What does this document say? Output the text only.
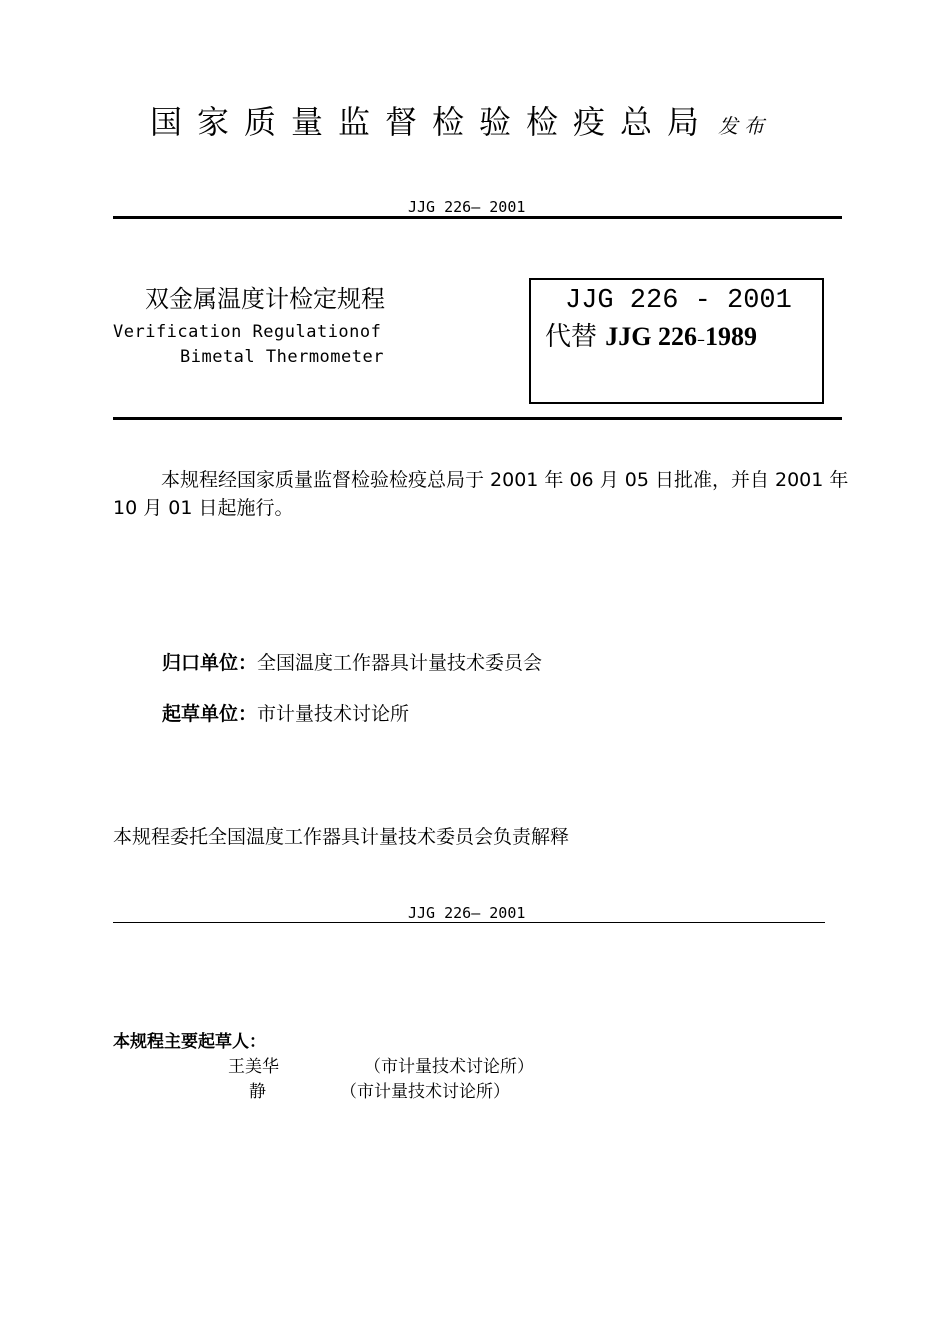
国家质量监督检验检疫总局 发布
JJG 226— 2001
双金属温度计检定规程
Verification Regulationof
Bimetal Thermometer
JJG 226 - 2001
代替 JJG 226–1989
本规程经国家质量监督检验检疫总局于 2001 年 06 月 05 日批准，并自 2001 年 10 月 01 日起施行。
归口单位：全国温度工作器具计量技术委员会
起草单位：市计量技术讨论所
本规程委托全国温度工作器具计量技术委员会负责解释
JJG 226— 2001
本规程主要起草人：
王美华	（市计量技术讨论所）
静	（市计量技术讨论所）
